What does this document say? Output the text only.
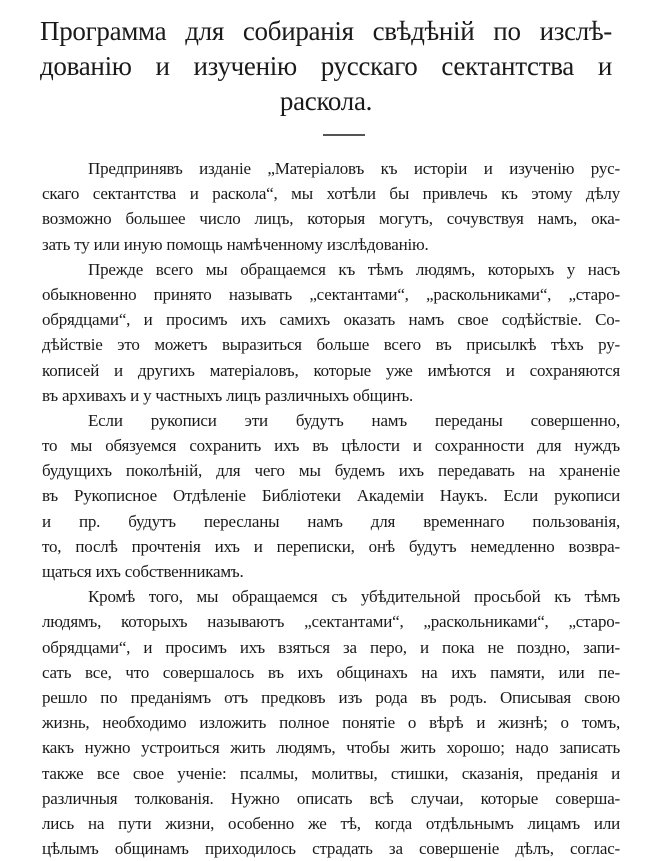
Программа для собиранія свѣдѣній по изслѣ-
дованію и изученію русскаго сектантства и
раскола.
Предпринявъ изданіе „Матеріаловъ къ исторіи и изученію рус-
скаго сектантства и раскола“, мы хотѣли бы привлечь къ этому дѣлу
возможно большее число лицъ, которыя могутъ, сочувствуя намъ, ока-
зать ту или иную помощь намѣченному изслѣдованію.
Прежде всего мы обращаемся къ тѣмъ людямъ, которыхъ у насъ
обыкновенно принято называть „сектантами“, „раскольниками“, „старо-
обрядцами“, и просимъ ихъ самихъ оказать намъ свое содѣйствіе. Со-
дѣйствіе это можетъ выразиться больше всего въ присылкѣ тѣхъ ру-
кописей и другихъ матеріаловъ, которые уже имѣются и сохраняются
въ архивахъ и у частныхъ лицъ различныхъ общинъ.
Если рукописи эти будутъ намъ переданы совершенно,
то мы обязуемся сохранить ихъ въ цѣлости и сохранности для нуждъ
будущихъ поколѣній, для чего мы будемъ ихъ передавать на храненіе
въ Рукописное Отдѣленіе Библіотеки Академіи Наукъ. Если рукописи
и пр. будутъ пересланы намъ для временнаго пользованія,
то, послѣ прочтенія ихъ и переписки, онѣ будутъ немедленно возвра-
щаться ихъ собственникамъ.
Кромѣ того, мы обращаемся съ убѣдительной просьбой къ тѣмъ
людямъ, которыхъ называютъ „сектантами“, „раскольниками“, „старо-
обрядцами“, и просимъ ихъ взяться за перо, и пока не поздно, запи-
сать все, что совершалось въ ихъ общинахъ на ихъ памяти, или пе-
решло по преданіямъ отъ предковъ изъ рода въ родъ. Описывая свою
жизнь, необходимо изложить полное понятіе о вѣрѣ и жизнѣ; о томъ,
какъ нужно устроиться жить людямъ, чтобы жить хорошо; надо записать
также все свое ученіе: псалмы, молитвы, стишки, сказанія, преданія и
различныя толкованія. Нужно описать всѣ случаи, которые соверша-
лись на пути жизни, особенно же тѣ, когда отдѣльнымъ лицамъ или
цѣлымъ общинамъ приходилось страдать за совершеніе дѣлъ, соглас-
